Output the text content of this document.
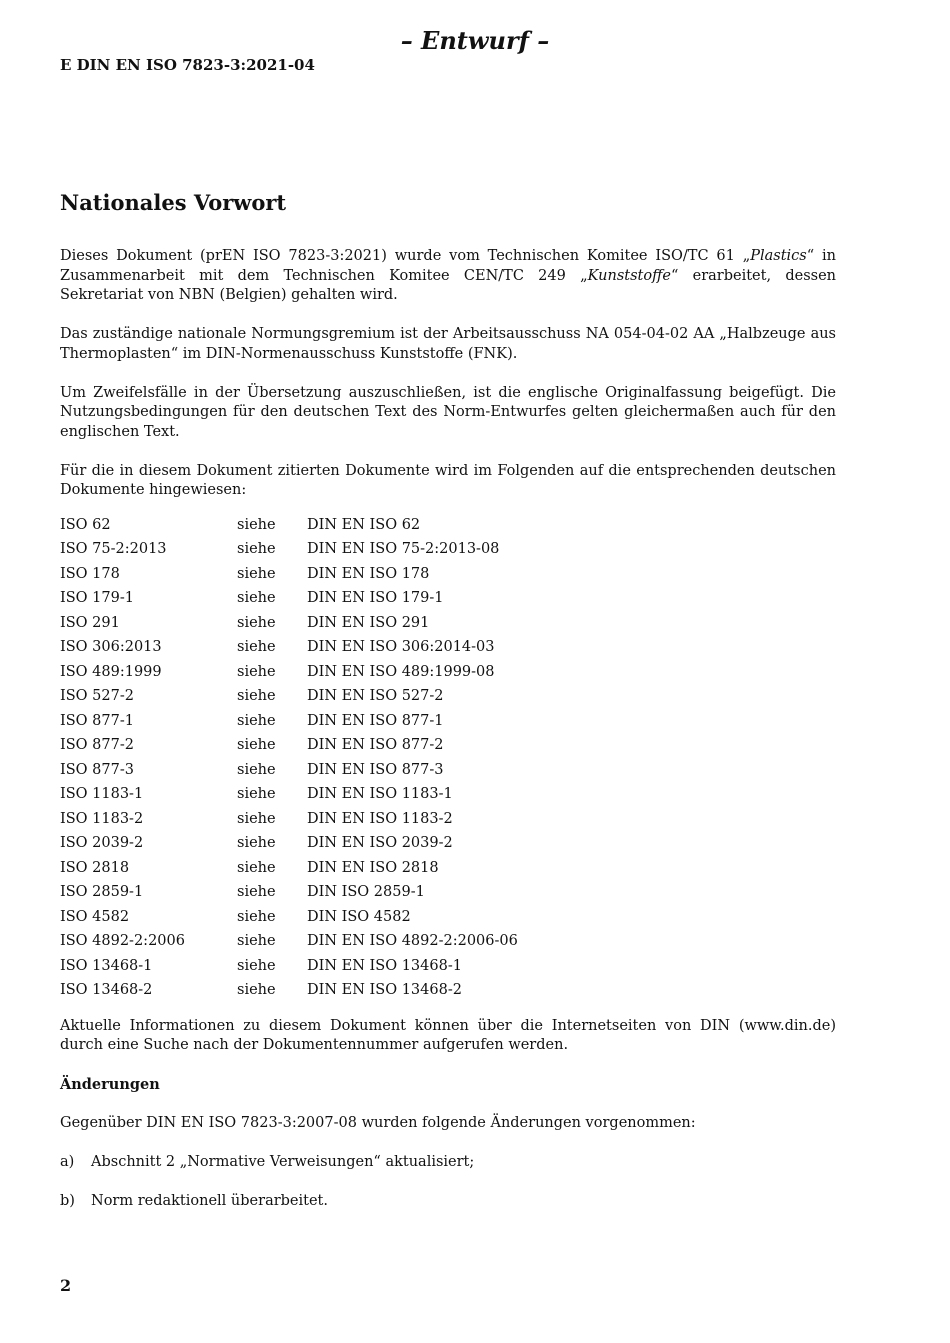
– Entwurf –
E DIN EN ISO 7823-3:2021-04
Nationales Vorwort

Dieses Dokument (prEN ISO 7823-3:2021) wurde vom Technischen Komitee ISO/TC 61 „Plastics“ in Zusammenarbeit mit dem Technischen Komitee CEN/TC 249 „Kunststoffe“ erarbeitet, dessen Sekretariat von NBN (Belgien) gehalten wird.

Das zuständige nationale Normungsgremium ist der Arbeitsausschuss NA 054-04-02 AA „Halbzeuge aus Thermoplasten“ im DIN-Normenausschuss Kunststoffe (FNK).

Um Zweifelsfälle in der Übersetzung auszuschließen, ist die englische Originalfassung beigefügt. Die Nutzungsbedingungen für den deutschen Text des Norm-Entwurfes gelten gleichermaßen auch für den englischen Text.

Für die in diesem Dokument zitierten Dokumente wird im Folgenden auf die entsprechenden deutschen Dokumente hingewiesen:

ISO 62	siehe	DIN EN ISO 62
ISO 75-2:2013	siehe	DIN EN ISO 75-2:2013-08
ISO 178	siehe	DIN EN ISO 178
ISO 179-1	siehe	DIN EN ISO 179-1
ISO 291	siehe	DIN EN ISO 291
ISO 306:2013	siehe	DIN EN ISO 306:2014-03
ISO 489:1999	siehe	DIN EN ISO 489:1999-08
ISO 527-2	siehe	DIN EN ISO 527-2
ISO 877-1	siehe	DIN EN ISO 877-1
ISO 877-2	siehe	DIN EN ISO 877-2
ISO 877-3	siehe	DIN EN ISO 877-3
ISO 1183-1	siehe	DIN EN ISO 1183-1
ISO 1183-2	siehe	DIN EN ISO 1183-2
ISO 2039-2	siehe	DIN EN ISO 2039-2
ISO 2818	siehe	DIN EN ISO 2818
ISO 2859-1	siehe	DIN ISO 2859-1
ISO 4582	siehe	DIN ISO 4582
ISO 4892-2:2006	siehe	DIN EN ISO 4892-2:2006-06
ISO 13468-1	siehe	DIN EN ISO 13468-1
ISO 13468-2	siehe	DIN EN ISO 13468-2

Aktuelle Informationen zu diesem Dokument können über die Internetseiten von DIN (www.din.de) durch eine Suche nach der Dokumentennummer aufgerufen werden.

Änderungen

Gegenüber DIN EN ISO 7823-3:2007-08 wurden folgende Änderungen vorgenommen:

a)	Abschnitt 2 „Normative Verweisungen“ aktualisiert;
b)	Norm redaktionell überarbeitet.
2
